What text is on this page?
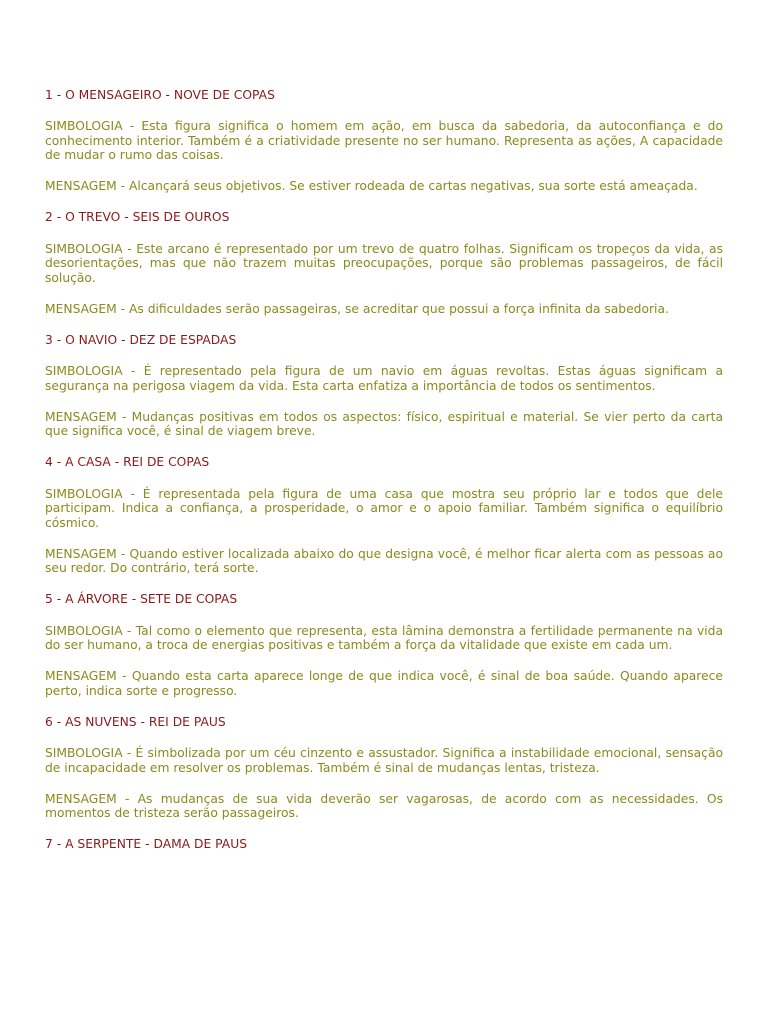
1 - O MENSAGEIRO - NOVE DE COPAS

SIMBOLOGIA - Esta figura significa o homem em ação, em busca da sabedoria, da autoconfiança e do conhecimento interior. Também é a criatividade presente no ser humano. Representa as ações, A capacidade de mudar o rumo das coisas.

MENSAGEM - Alcançará seus objetivos. Se estiver rodeada de cartas negativas, sua sorte está ameaçada.

2 - O TREVO - SEIS DE OUROS

SIMBOLOGIA - Este arcano é representado por um trevo de quatro folhas. Significam os tropeços da vida, as desorientações, mas que não trazem muitas preocupações, porque são problemas passageiros, de fácil solução.

MENSAGEM - As dificuldades serão passageiras, se acreditar que possui a força infinita da sabedoria.

3 - O NAVIO - DEZ DE ESPADAS

SIMBOLOGIA - É representado pela figura de um navio em águas revoltas. Estas águas significam a segurança na perigosa viagem da vida. Esta carta enfatiza a importância de todos os sentimentos.

MENSAGEM - Mudanças positivas em todos os aspectos: físico, espiritual e material. Se vier perto da carta que significa você, é sinal de viagem breve.

4 - A CASA - REI DE COPAS

SIMBOLOGIA - É representada pela figura de uma casa que mostra seu próprio lar e todos que dele participam. Indica a confiança, a prosperidade, o amor e o apoio familiar. Também significa o equilíbrio cósmico.

MENSAGEM - Quando estiver localizada abaixo do que designa você, é melhor ficar alerta com as pessoas ao seu redor. Do contrário, terá sorte.

5 - A ÁRVORE - SETE DE COPAS

SIMBOLOGIA - Tal como o elemento que representa, esta lâmina demonstra a fertilidade permanente na vida do ser humano, a troca de energias positivas e também a força da vitalidade que existe em cada um.

MENSAGEM - Quando esta carta aparece longe de que indica você, é sinal de boa saúde. Quando aparece perto, indica sorte e progresso.

6 - AS NUVENS - REI DE PAUS

SIMBOLOGIA - É simbolizada por um céu cinzento e assustador. Significa a instabilidade emocional, sensação de incapacidade em resolver os problemas. Também é sinal de mudanças lentas, tristeza.

MENSAGEM - As mudanças de sua vida deverão ser vagarosas, de acordo com as necessidades. Os momentos de tristeza serão passageiros.

7 - A SERPENTE - DAMA DE PAUS
